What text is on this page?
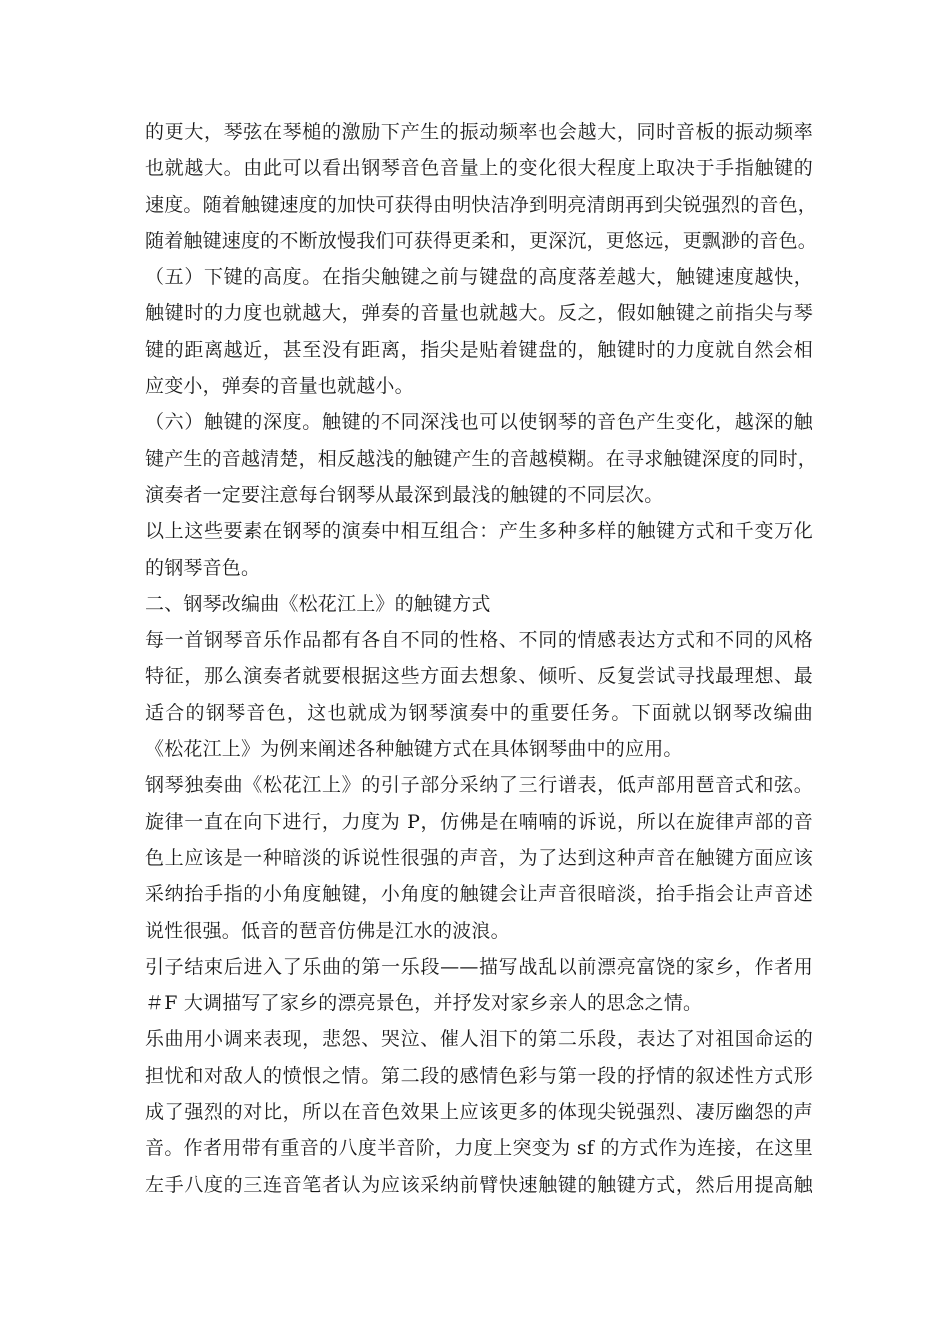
的更大，琴弦在琴槌的激励下产生的振动频率也会越大，同时音板的振动频率
也就越大。由此可以看出钢琴音色音量上的变化很大程度上取决于手指触键的
速度。随着触键速度的加快可获得由明快洁净到明亮清朗再到尖锐强烈的音色，
随着触键速度的不断放慢我们可获得更柔和，更深沉，更悠远，更飘渺的音色。
（五）下键的高度。在指尖触键之前与键盘的高度落差越大，触键速度越快，
触键时的力度也就越大，弹奏的音量也就越大。反之，假如触键之前指尖与琴
键的距离越近，甚至没有距离，指尖是贴着键盘的，触键时的力度就自然会相
应变小，弹奏的音量也就越小。
（六）触键的深度。触键的不同深浅也可以使钢琴的音色产生变化，越深的触
键产生的音越清楚，相反越浅的触键产生的音越模糊。在寻求触键深度的同时，
演奏者一定要注意每台钢琴从最深到最浅的触键的不同层次。
以上这些要素在钢琴的演奏中相互组合：产生多种多样的触键方式和千变万化
的钢琴音色。
二、钢琴改编曲《松花江上》的触键方式
每一首钢琴音乐作品都有各自不同的性格、不同的情感表达方式和不同的风格
特征，那么演奏者就要根据这些方面去想象、倾听、反复尝试寻找最理想、最
适合的钢琴音色，这也就成为钢琴演奏中的重要任务。下面就以钢琴改编曲
《松花江上》为例来阐述各种触键方式在具体钢琴曲中的应用。
钢琴独奏曲《松花江上》的引子部分采纳了三行谱表，低声部用琶音式和弦。
旋律一直在向下进行，力度为 P，仿佛是在喃喃的诉说，所以在旋律声部的音
色上应该是一种暗淡的诉说性很强的声音，为了达到这种声音在触键方面应该
采纳抬手指的小角度触键，小角度的触键会让声音很暗淡，抬手指会让声音述
说性很强。低音的琶音仿佛是江水的波浪。
引子结束后进入了乐曲的第一乐段——描写战乱以前漂亮富饶的家乡，作者用
＃F 大调描写了家乡的漂亮景色，并抒发对家乡亲人的思念之情。
乐曲用小调来表现，悲怨、哭泣、催人泪下的第二乐段，表达了对祖国命运的
担忧和对敌人的愤恨之情。第二段的感情色彩与第一段的抒情的叙述性方式形
成了强烈的对比，所以在音色效果上应该更多的体现尖锐强烈、凄厉幽怨的声
音。作者用带有重音的八度半音阶，力度上突变为 sf 的方式作为连接，在这里
左手八度的三连音笔者认为应该采纳前臂快速触键的触键方式，然后用提高触
